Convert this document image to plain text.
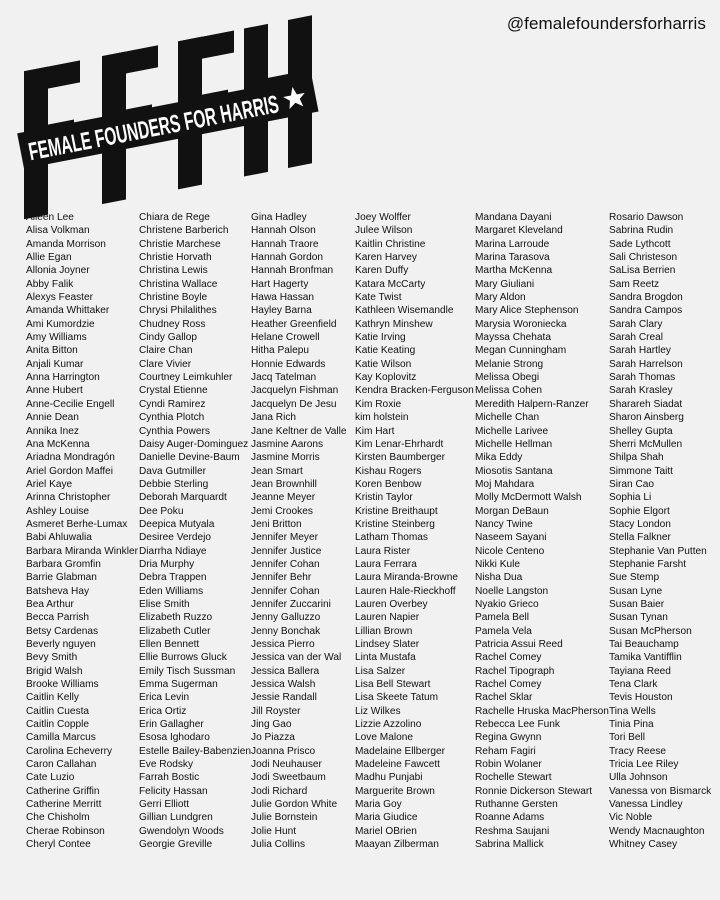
@femalefoundersforharris
FEMALE FOUNDERS FOR HARRIS
Aileen Lee
Alisa Volkman
Amanda Morrison
Allie Egan
Allonia Joyner
Abby Falik
Alexys Feaster
Amanda Whittaker
Ami Kumordzie
Amy Williams
Anita Bitton
Anjali Kumar
Anna Harrington
Anne Hubert
Anne-Cecilie Engell
Annie Dean
Annika Inez
Ana McKenna
Ariadna Mondragón
Ariel Gordon Maffei
Ariel Kaye
Arinna Christopher
Ashley Louise
Asmeret Berhe-Lumax
Babi Ahluwalia
Barbara Miranda Winkler
Barbara Gromfin
Barrie Glabman
Batsheva Hay
Bea Arthur
Becca Parrish
Betsy Cardenas
Beverly nguyen
Bevy Smith
Brigid Walsh
Brooke Williams
Caitlin Kelly
Caitlin Cuesta
Caitlin Copple
Camilla Marcus
Carolina Echeverry
Caron Callahan
Cate Luzio
Catherine Griffin
Catherine Merritt
Che Chisholm
Cherae Robinson
Cheryl Contee
Chiara de Rege
Christene Barberich
Christie Marchese
Christie Horvath
Christina Lewis
Christina Wallace
Christine Boyle
Chrysi Philalithes
Chudney Ross
Cindy Gallop
Claire Chan
Clare Vivier
Courtney Leimkuhler
Crystal Etienne
Cyndi Ramirez
Cynthia Plotch
Cynthia Powers
Daisy Auger-Dominguez
Danielle Devine-Baum
Dava Gutmiller
Debbie Sterling
Deborah Marquardt
Dee Poku
Deepica Mutyala
Desiree Verdejo
Diarrha Ndiaye
Dria Murphy
Debra Trappen
Eden Williams
Elise Smith
Elizabeth Ruzzo
Elizabeth Cutler
Ellen Bennett
Ellie Burrows Gluck
Emily Tisch Sussman
Emma Sugerman
Erica Levin
Erica Ortiz
Erin Gallagher
Esosa Ighodaro
Estelle Bailey-Babenzien
Eve Rodsky
Farrah Bostic
Felicity Hassan
Gerri Elliott
Gillian Lundgren
Gwendolyn Woods
Georgie Greville
Gina Hadley
Hannah Olson
Hannah Traore
Hannah Gordon
Hannah Bronfman
Hart Hagerty
Hawa Hassan
Hayley Barna
Heather Greenfield
Helane Crowell
Hitha Palepu
Honnie Edwards
Jacq Tatelman
Jacquelyn Fishman
Jacquelyn De Jesu
Jana Rich
Jane Keltner de Valle
Jasmine Aarons
Jasmine Morris
Jean Smart
Jean Brownhill
Jeanne Meyer
Jemi Crookes
Jeni Britton
Jennifer Meyer
Jennifer Justice
Jennifer Cohan
Jennifer Behr
Jennifer Cohan
Jennifer Zuccarini
Jenny Galluzzo
Jenny Bonchak
Jessica Pierro
Jessica van der Wal
Jessica Ballera
Jessica Walsh
Jessie Randall
Jill Royster
Jing Gao
Jo Piazza
Joanna Prisco
Jodi Neuhauser
Jodi Sweetbaum
Jodi Richard
Julie Gordon White
Julie Bornstein
Jolie Hunt
Julia Collins
Joey Wolffer
Julee Wilson
Kaitlin Christine
Karen Harvey
Karen Duffy
Katara McCarty
Kate Twist
Kathleen Wisemandle
Kathryn Minshew
Katie Irving
Katie Keating
Katie Wilson
Kay Koplovitz
Kendra Bracken-Ferguson
Kim Roxie
kim holstein
Kim Hart
Kim Lenar-Ehrhardt
Kirsten Baumberger
Kishau Rogers
Koren Benbow
Kristin Taylor
Kristine Breithaupt
Kristine Steinberg
Latham Thomas
Laura Rister
Laura Ferrara
Laura Miranda-Browne
Lauren Hale-Rieckhoff
Lauren Overbey
Lauren Napier
Lillian Brown
Lindsey Slater
Linta Mustafa
Lisa Salzer
Lisa Bell Stewart
Lisa Skeete Tatum
Liz Wilkes
Lizzie Azzolino
Love Malone
Madelaine Ellberger
Madeleine Fawcett
Madhu Punjabi
Marguerite Brown
Maria Goy
Maria Giudice
Mariel OBrien
Maayan Zilberman
Mandana Dayani
Margaret Kleveland
Marina Larroude
Marina Tarasova
Martha McKenna
Mary Giuliani
Mary Aldon
Mary Alice Stephenson
Marysia Woroniecka
Mayssa Chehata
Megan Cunningham
Melanie Strong
Melissa Obegi
Melissa Cohen
Meredith Halpern-Ranzer
Michelle Chan
Michelle Larivee
Michelle Hellman
Mika Eddy
Miosotis Santana
Moj Mahdara
Molly McDermott Walsh
Morgan DeBaun
Nancy Twine
Naseem Sayani
Nicole Centeno
Nikki Kule
Nisha Dua
Noelle Langston
Nyakio Grieco
Pamela Bell
Pamela Vela
Patricia Assui Reed
Rachel Comey
Rachel Tipograph
Rachel Comey
Rachel Sklar
Rachelle Hruska MacPherson
Rebecca Lee Funk
Regina Gwynn
Reham Fagiri
Robin Wolaner
Rochelle Stewart
Ronnie Dickerson Stewart
Ruthanne Gersten
Roanne Adams
Reshma Saujani
Sabrina Mallick
Rosario Dawson
Sabrina Rudin
Sade Lythcott
Sali Christeson
SaLisa Berrien
Sam Reetz
Sandra Brogdon
Sandra Campos
Sarah Clary
Sarah Creal
Sarah Hartley
Sarah Harrelson
Sarah Thomas
Sarah Krasley
Sharareh Siadat
Sharon Ainsberg
Shelley Gupta
Sherri McMullen
Shilpa Shah
Simmone Taitt
Siran Cao
Sophia Li
Sophie Elgort
Stacy London
Stella Falkner
Stephanie Van Putten
Stephanie Farsht
Sue Stemp
Susan Lyne
Susan Baier
Susan Tynan
Susan McPherson
Tai Beauchamp
Tamika Vantifflin
Tayiana Reed
Tena Clark
Tevis Houston
Tina Wells
Tinia Pina
Tori Bell
Tracy Reese
Tricia Lee Riley
Ulla Johnson
Vanessa von Bismarck
Vanessa Lindley
Vic Noble
Wendy Macnaughton
Whitney Casey
